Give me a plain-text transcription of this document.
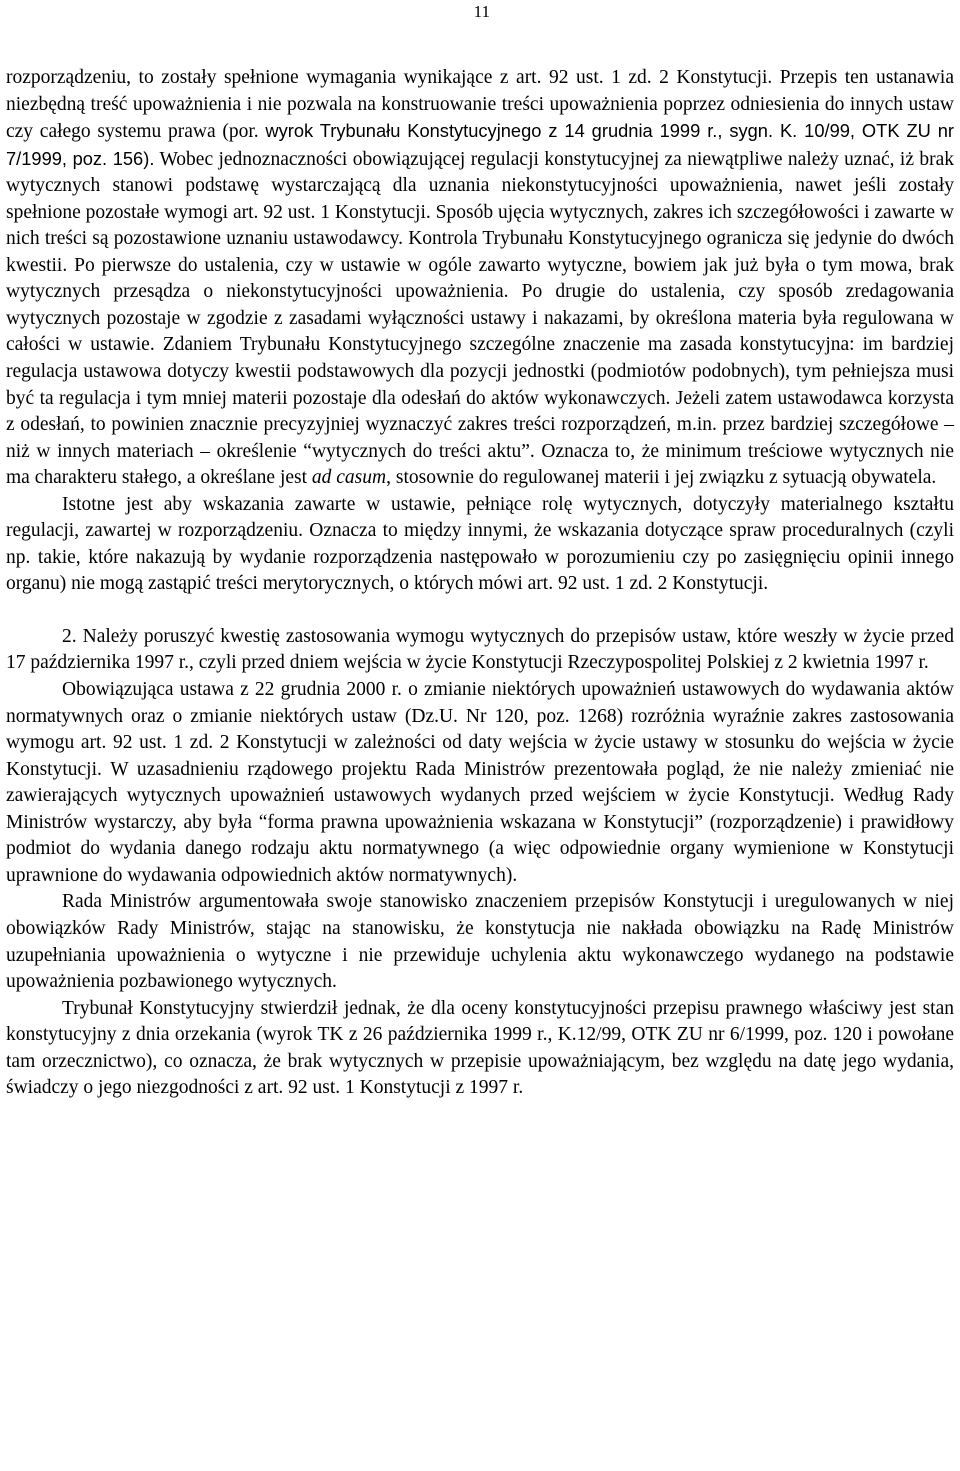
11

rozporządzeniu, to zostały spełnione wymagania wynikające z art. 92 ust. 1 zd. 2 Konstytucji. Przepis ten ustanawia niezbędną treść upoważnienia i nie pozwala na konstruowanie treści upoważnienia poprzez odniesienia do innych ustaw czy całego systemu prawa (por. wyrok Trybunału Konstytucyjnego z 14 grudnia 1999 r., sygn. K. 10/99, OTK ZU nr 7/1999, poz. 156). Wobec jednoznaczności obowiązującej regulacji konstytucyjnej za niewątpliwe należy uznać, iż brak wytycznych stanowi podstawę wystarczającą dla uznania niekonstytucyjności upoważnienia, nawet jeśli zostały spełnione pozostałe wymogi art. 92 ust. 1 Konstytucji. Sposób ujęcia wytycznych, zakres ich szczegółowości i zawarte w nich treści są pozostawione uznaniu ustawodawcy. Kontrola Trybunału Konstytucyjnego ogranicza się jedynie do dwóch kwestii. Po pierwsze do ustalenia, czy w ustawie w ogóle zawarto wytyczne, bowiem jak już była o tym mowa, brak wytycznych przesądza o niekonstytucyjności upoważnienia. Po drugie do ustalenia, czy sposób zredagowania wytycznych pozostaje w zgodzie z zasadami wyłączności ustawy i nakazami, by określona materia była regulowana w całości w ustawie. Zdaniem Trybunału Konstytucyjnego szczególne znaczenie ma zasada konstytucyjna: im bardziej regulacja ustawowa dotyczy kwestii podstawowych dla pozycji jednostki (podmiotów podobnych), tym pełniejsza musi być ta regulacja i tym mniej materii pozostaje dla odesłań do aktów wykonawczych. Jeżeli zatem ustawodawca korzysta z odesłań, to powinien znacznie precyzyjniej wyznaczyć zakres treści rozporządzeń, m.in. przez bardziej szczegółowe – niż w innych materiach – określenie “wytycznych do treści aktu”. Oznacza to, że minimum treściowe wytycznych nie ma charakteru stałego, a określane jest ad casum, stosownie do regulowanej materii i jej związku z sytuacją obywatela.

Istotne jest aby wskazania zawarte w ustawie, pełniące rolę wytycznych, dotyczyły materialnego kształtu regulacji, zawartej w rozporządzeniu. Oznacza to między innymi, że wskazania dotyczące spraw proceduralnych (czyli np. takie, które nakazują by wydanie rozporządzenia następowało w porozumieniu czy po zasięgnięciu opinii innego organu) nie mogą zastąpić treści merytorycznych, o których mówi art. 92 ust. 1 zd. 2 Konstytucji.

2. Należy poruszyć kwestię zastosowania wymogu wytycznych do przepisów ustaw, które weszły w życie przed 17 października 1997 r., czyli przed dniem wejścia w życie Konstytucji Rzeczypospolitej Polskiej z 2 kwietnia 1997 r.

Obowiązująca ustawa z 22 grudnia 2000 r. o zmianie niektórych upoważnień ustawowych do wydawania aktów normatywnych oraz o zmianie niektórych ustaw (Dz.U. Nr 120, poz. 1268) rozróżnia wyraźnie zakres zastosowania wymogu art. 92 ust. 1 zd. 2 Konstytucji w zależności od daty wejścia w życie ustawy w stosunku do wejścia w życie Konstytucji. W uzasadnieniu rządowego projektu Rada Ministrów prezentowała pogląd, że nie należy zmieniać nie zawierających wytycznych upoważnień ustawowych wydanych przed wejściem w życie Konstytucji. Według Rady Ministrów wystarczy, aby była “forma prawna upoważnienia wskazana w Konstytucji” (rozporządzenie) i prawidłowy podmiot do wydania danego rodzaju aktu normatywnego (a więc odpowiednie organy wymienione w Konstytucji uprawnione do wydawania odpowiednich aktów normatywnych).

Rada Ministrów argumentowała swoje stanowisko znaczeniem przepisów Konstytucji i uregulowanych w niej obowiązków Rady Ministrów, stając na stanowisku, że konstytucja nie nakłada obowiązku na Radę Ministrów uzupełniania upoważnienia o wytyczne i nie przewiduje uchylenia aktu wykonawczego wydanego na podstawie upoważnienia pozbawionego wytycznych.

Trybunał Konstytucyjny stwierdził jednak, że dla oceny konstytucyjności przepisu prawnego właściwy jest stan konstytucyjny z dnia orzekania (wyrok TK z 26 października 1999 r., K.12/99, OTK ZU nr 6/1999, poz. 120 i powołane tam orzecznictwo), co oznacza, że brak wytycznych w przepisie upoważniającym, bez względu na datę jego wydania, świadczy o jego niezgodności z art. 92 ust. 1 Konstytucji z 1997 r.
